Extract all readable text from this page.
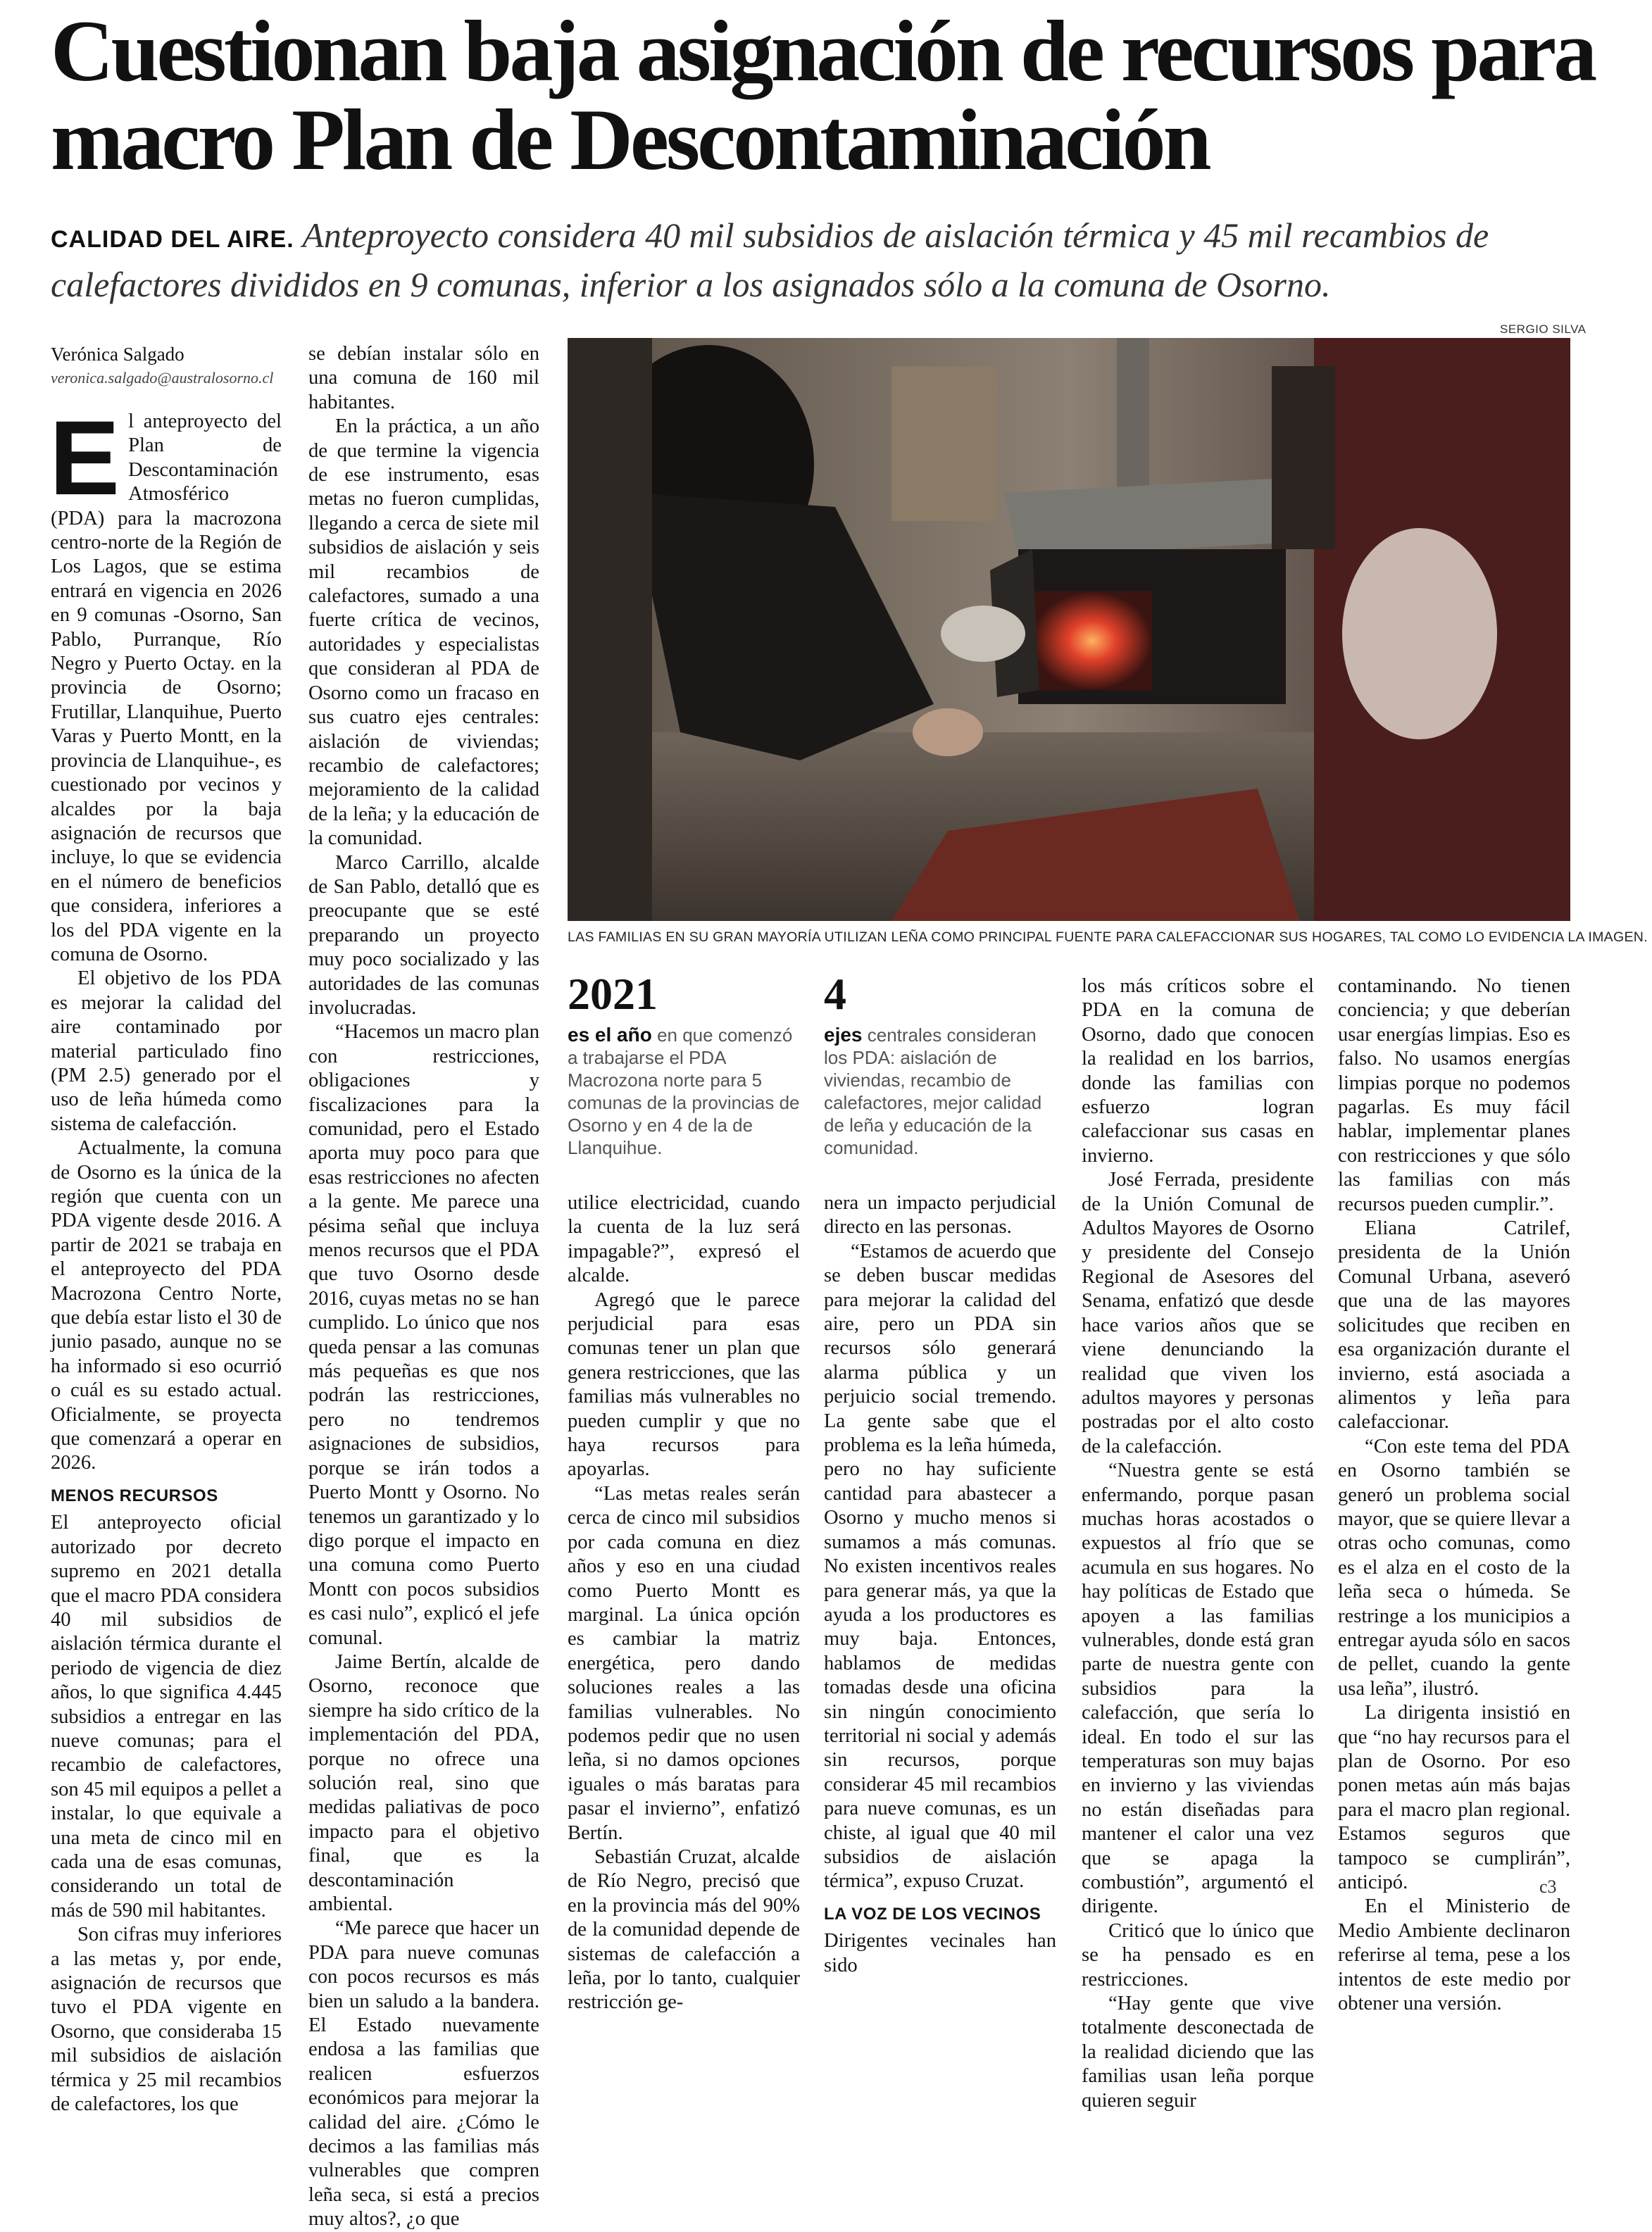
Cuestionan baja asignación de recursos para macro Plan de Descontaminación
CALIDAD DEL AIRE. Anteproyecto considera 40 mil subsidios de aislación térmica y 45 mil recambios de calefactores divididos en 9 comunas, inferior a los asignados sólo a la comuna de Osorno.
Verónica Salgado
veronica.salgado@australosorno.cl
SERGIO SILVA
LAS FAMILIAS EN SU GRAN MAYORÍA UTILIZAN LEÑA COMO PRINCIPAL FUENTE PARA CALEFACCIONAR SUS HOGARES, TAL COMO LO EVIDENCIA LA IMAGEN.
E l anteproyecto del Plan de Descontaminación Atmosférico (PDA) para la macrozona centro-norte de la Región de Los Lagos, que se estima entrará en vigencia en 2026 en 9 comunas -Osorno, San Pablo, Purranque, Río Negro y Puerto Octay. en la provincia de Osorno; Frutillar, Llanquihue, Puerto Varas y Puerto Montt, en la provincia de Llanquihue-, es cuestionado por vecinos y alcaldes por la baja asignación de recursos que incluye, lo que se evidencia en el número de beneficios que considera, inferiores a los del PDA vigente en la comuna de Osorno.

El objetivo de los PDA es mejorar la calidad del aire contaminado por material particulado fino (PM 2.5) generado por el uso de leña húmeda como sistema de calefacción.

Actualmente, la comuna de Osorno es la única de la región que cuenta con un PDA vigente desde 2016. A partir de 2021 se trabaja en el anteproyecto del PDA Macrozona Centro Norte, que debía estar listo el 30 de junio pasado, aunque no se ha informado si eso ocurrió o cuál es su estado actual. Oficialmente, se proyecta que comenzará a operar en 2026.

MENOS RECURSOS

El anteproyecto oficial autorizado por decreto supremo en 2021 detalla que el macro PDA considera 40 mil subsidios de aislación térmica durante el periodo de vigencia de diez años, lo que significa 4.445 subsidios a entregar en las nueve comunas; para el recambio de calefactores, son 45 mil equipos a pellet a instalar, lo que equivale a una meta de cinco mil en cada una de esas comunas, considerando un total de más de 590 mil habitantes.

Son cifras muy inferiores a las metas y, por ende, asignación de recursos que tuvo el PDA vigente en Osorno, que consideraba 15 mil subsidios de aislación térmica y 25 mil recambios de calefactores, los que

se debían instalar sólo en una comuna de 160 mil habitantes.

En la práctica, a un año de que termine la vigencia de ese instrumento, esas metas no fueron cumplidas, llegando a cerca de siete mil subsidios de aislación y seis mil recambios de calefactores, sumado a una fuerte crítica de vecinos, autoridades y especialistas que consideran al PDA de Osorno como un fracaso en sus cuatro ejes centrales: aislación de viviendas; recambio de calefactores; mejoramiento de la calidad de la leña; y la educación de la comunidad.

Marco Carrillo, alcalde de San Pablo, detalló que es preocupante que se esté preparando un proyecto muy poco socializado y las autoridades de las comunas involucradas.

“Hacemos un macro plan con restricciones, obligaciones y fiscalizaciones para la comunidad, pero el Estado aporta muy poco para que esas restricciones no afecten a la gente. Me parece una pésima señal que incluya menos recursos que el PDA que tuvo Osorno desde 2016, cuyas metas no se han cumplido. Lo único que nos queda pensar a las comunas más pequeñas es que nos podrán las restricciones, pero no tendremos asignaciones de subsidios, porque se irán todos a Puerto Montt y Osorno. No tenemos un garantizado y lo digo porque el impacto en una comuna como Puerto Montt con pocos subsidios es casi nulo”, explicó el jefe comunal.

Jaime Bertín, alcalde de Osorno, reconoce que siempre ha sido crítico de la implementación del PDA, porque no ofrece una solución real, sino que medidas paliativas de poco impacto para el objetivo final, que es la descontaminación ambiental.

“Me parece que hacer un PDA para nueve comunas con pocos recursos es más bien un saludo a la bandera. El Estado nuevamente endosa a las familias que realicen esfuerzos económicos para mejorar la calidad del aire. ¿Cómo le decimos a las familias más vulnerables que compren leña seca, si está a precios muy altos?, ¿o que

2021
es el año en que comenzó a trabajarse el PDA Macrozona norte para 5 comunas de la provincias de Osorno y en 4 de la de Llanquihue.
4
ejes centrales consideran los PDA: aislación de viviendas, recambio de calefactores, mejor calidad de leña y educación de la comunidad.

utilice electricidad, cuando la cuenta de la luz será impagable?”, expresó el alcalde.

Agregó que le parece perjudicial para esas comunas tener un plan que genera restricciones, que las familias más vulnerables no pueden cumplir y que no haya recursos para apoyarlas.

“Las metas reales serán cerca de cinco mil subsidios por cada comuna en diez años y eso en una ciudad como Puerto Montt es marginal. La única opción es cambiar la matriz energética, pero dando soluciones reales a las familias vulnerables. No podemos pedir que no usen leña, si no damos opciones iguales o más baratas para pasar el invierno”, enfatizó Bertín.

Sebastián Cruzat, alcalde de Río Negro, precisó que en la provincia más del 90% de la comunidad depende de sistemas de calefacción a leña, por lo tanto, cualquier restricción ge-

nera un impacto perjudicial directo en las personas.

“Estamos de acuerdo que se deben buscar medidas para mejorar la calidad del aire, pero un PDA sin recursos sólo generará alarma pública y un perjuicio social tremendo. La gente sabe que el problema es la leña húmeda, pero no hay suficiente cantidad para abastecer a Osorno y mucho menos si sumamos a más comunas. No existen incentivos reales para generar más, ya que la ayuda a los productores es muy baja. Entonces, hablamos de medidas tomadas desde una oficina sin ningún conocimiento territorial ni social y además sin recursos, porque considerar 45 mil recambios para nueve comunas, es un chiste, al igual que 40 mil subsidios de aislación térmica”, expuso Cruzat.

LA VOZ DE LOS VECINOS

Dirigentes vecinales han sido

los más críticos sobre el PDA en la comuna de Osorno, dado que conocen la realidad en los barrios, donde las familias con esfuerzo logran calefaccionar sus casas en invierno.

José Ferrada, presidente de la Unión Comunal de Adultos Mayores de Osorno y presidente del Consejo Regional de Asesores del Senama, enfatizó que desde hace varios años que se viene denunciando la realidad que viven los adultos mayores y personas postradas por el alto costo de la calefacción.

“Nuestra gente se está enfermando, porque pasan muchas horas acostados o expuestos al frío que se acumula en sus hogares. No hay políticas de Estado que apoyen a las familias vulnerables, donde está gran parte de nuestra gente con subsidios para la calefacción, que sería lo ideal. En todo el sur las temperaturas son muy bajas en invierno y las viviendas no están diseñadas para mantener el calor una vez que se apaga la combustión”, argumentó el dirigente.

Criticó que lo único que se ha pensado es en restricciones.

“Hay gente que vive totalmente desconectada de la realidad diciendo que las familias usan leña porque quieren seguir

contaminando. No tienen conciencia; y que deberían usar energías limpias. Eso es falso. No usamos energías limpias porque no podemos pagarlas. Es muy fácil hablar, implementar planes con restricciones y que sólo las familias con más recursos pueden cumplir.”.

Eliana Catrilef, presidenta de la Unión Comunal Urbana, aseveró que una de las mayores solicitudes que reciben en esa organización durante el invierno, está asociada a alimentos y leña para calefaccionar.

“Con este tema del PDA en Osorno también se generó un problema social mayor, que se quiere llevar a otras ocho comunas, como es el alza en el costo de la leña seca o húmeda. Se restringe a los municipios a entregar ayuda sólo en sacos de pellet, cuando la gente usa leña”, ilustró.

La dirigenta insistió en que “no hay recursos para el plan de Osorno. Por eso ponen metas aún más bajas para el macro plan regional. Estamos seguros que tampoco se cumplirán”, anticipó.

En el Ministerio de Medio Ambiente declinaron referirse al tema, pese a los intentos de este medio por obtener una versión.

c3
